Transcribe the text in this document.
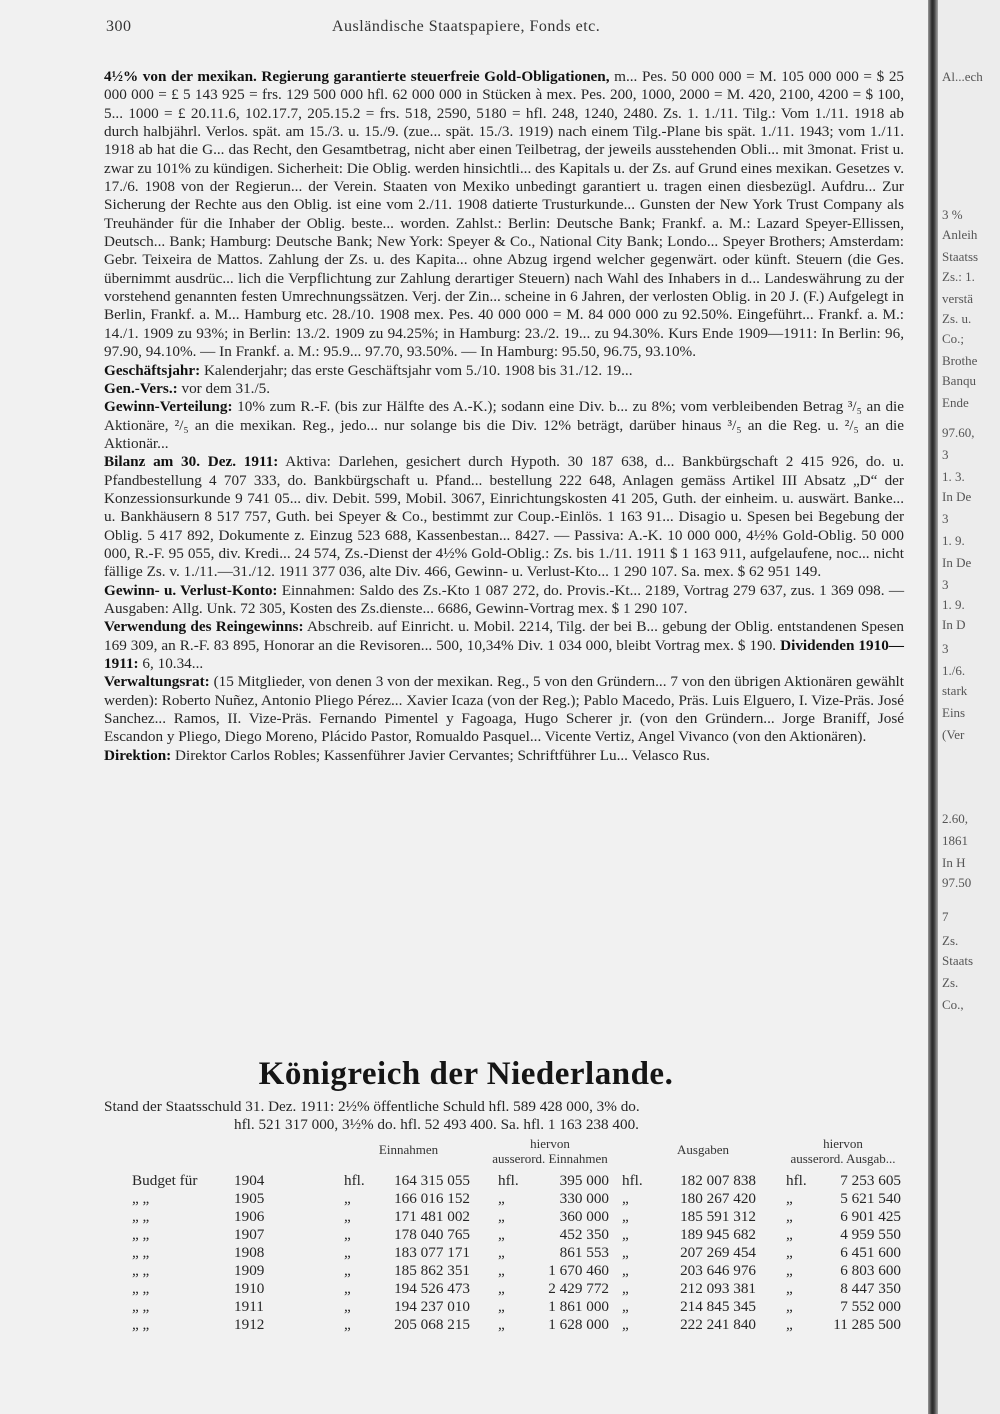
300	Ausländische Staatspapiere, Fonds etc.

4½% von der mexikan. Regierung garantierte steuerfreie Gold-Obligationen, m... Pes. 50 000 000 = M. 105 000 000 = $ 25 000 000 = £ 5 143 925 = frs. 129 500 000 hfl. 62 000 000 in Stücken à mex. Pes. 200, 1000, 2000 = M. 420, 2100, 4200 = $ 100, 5... 1000 = £ 20.11.6, 102.17.7, 205.15.2 = frs. 518, 2590, 5180 = hfl. 248, 1240, 2480. Zs. 1. 1./11. Tilg.: Vom 1./11. 1918 ab durch halbjährl. Verlos. spät. am 15./3. u. 15./9. (zue... spät. 15./3. 1919) nach einem Tilg.-Plane bis spät. 1./11. 1943; vom 1./11. 1918 ab hat die G... das Recht, den Gesamtbetrag, nicht aber einen Teilbetrag, der jeweils ausstehenden Obli... mit 3monat. Frist u. zwar zu 101% zu kündigen. Sicherheit: Die Oblig. werden hinsichtli... des Kapitals u. der Zs. auf Grund eines mexikan. Gesetzes v. 17./6. 1908 von der Regierun... der Verein. Staaten von Mexiko unbedingt garantiert u. tragen einen diesbezügl. Aufdru... Zur Sicherung der Rechte aus den Oblig. ist eine vom 2./11. 1908 datierte Trusturkunde... Gunsten der New York Trust Company als Treuhänder für die Inhaber der Oblig. beste... worden. Zahlst.: Berlin: Deutsche Bank; Frankf. a. M.: Lazard Speyer-Ellissen, Deutsch... Bank; Hamburg: Deutsche Bank; New York: Speyer & Co., National City Bank; Londo... Speyer Brothers; Amsterdam: Gebr. Teixeira de Mattos. Zahlung der Zs. u. des Kapita... ohne Abzug irgend welcher gegenwärt. oder künft. Steuern (die Ges. übernimmt ausdrüc... lich die Verpflichtung zur Zahlung derartiger Steuern) nach Wahl des Inhabers in d... Landeswährung zu der vorstehend genannten festen Umrechnungssätzen. Verj. der Zin... scheine in 6 Jahren, der verlosten Oblig. in 20 J. (F.) Aufgelegt in Berlin, Frankf. a. M... Hamburg etc. 28./10. 1908 mex. Pes. 40 000 000 = M. 84 000 000 zu 92.50%. Eingeführt... Frankf. a. M.: 14./1. 1909 zu 93%; in Berlin: 13./2. 1909 zu 94.25%; in Hamburg: 23./2. 19... zu 94.30%. Kurs Ende 1909—1911: In Berlin: 96, 97.90, 94.10%. — In Frankf. a. M.: 95.9... 97.70, 93.50%. — In Hamburg: 95.50, 96.75, 93.10%.

Geschäftsjahr: Kalenderjahr; das erste Geschäftsjahr vom 5./10. 1908 bis 31./12. 19...

Gen.-Vers.: vor dem 31./5.

Gewinn-Verteilung: 10% zum R.-F. (bis zur Hälfte des A.-K.); sodann eine Div. b... zu 8%; vom verbleibenden Betrag ³/₅ an die Aktionäre, ²/₅ an die mexikan. Reg., jedo... nur solange bis die Div. 12% beträgt, darüber hinaus ³/₅ an die Reg. u. ²/₅ an die Aktionär...

Bilanz am 30. Dez. 1911: Aktiva: Darlehen, gesichert durch Hypoth. 30 187 638, d... Bankbürgschaft 2 415 926, do. u. Pfandbestellung 4 707 333, do. Bankbürgschaft u. Pfand... bestellung 222 648, Anlagen gemäss Artikel III Absatz „D“ der Konzessionsurkunde 9 741 05... div. Debit. 599, Mobil. 3067, Einrichtungskosten 41 205, Guth. der einheim. u. auswärt. Banke... u. Bankhäusern 8 517 757, Guth. bei Speyer & Co., bestimmt zur Coup.-Einlös. 1 163 91... Disagio u. Spesen bei Begebung der Oblig. 5 417 892, Dokumente z. Einzug 523 688, Kassenbestan... 8427. — Passiva: A.-K. 10 000 000, 4½% Gold-Oblig. 50 000 000, R.-F. 95 055, div. Kredi... 24 574, Zs.-Dienst der 4½% Gold-Oblig.: Zs. bis 1./11. 1911 $ 1 163 911, aufgelaufene, noc... nicht fällige Zs. v. 1./11.—31./12. 1911 377 036, alte Div. 466, Gewinn- u. Verlust-Kto... 1 290 107. Sa. mex. $ 62 951 149.

Gewinn- u. Verlust-Konto: Einnahmen: Saldo des Zs.-Kto 1 087 272, do. Provis.-Kt... 2189, Vortrag 279 637, zus. 1 369 098. — Ausgaben: Allg. Unk. 72 305, Kosten des Zs.dienste... 6686, Gewinn-Vortrag mex. $ 1 290 107.

Verwendung des Reingewinns: Abschreib. auf Einricht. u. Mobil. 2214, Tilg. der bei B... gebung der Oblig. entstandenen Spesen 169 309, an R.-F. 83 895, Honorar an die Revisoren... 500, 10,34% Div. 1 034 000, bleibt Vortrag mex. $ 190. Dividenden 1910—1911: 6, 10.34...

Verwaltungsrat: (15 Mitglieder, von denen 3 von der mexikan. Reg., 5 von den Gründern... 7 von den übrigen Aktionären gewählt werden): Roberto Nuñez, Antonio Pliego Pérez... Xavier Icaza (von der Reg.); Pablo Macedo, Präs. Luis Elguero, I. Vize-Präs. José Sanchez... Ramos, II. Vize-Präs. Fernando Pimentel y Fagoaga, Hugo Scherer jr. (von den Gründern... Jorge Braniff, José Escandon y Pliego, Diego Moreno, Plácido Pastor, Romualdo Pasquel... Vicente Vertiz, Angel Vivanco (von den Aktionären).

Direktion: Direktor Carlos Robles; Kassenführer Javier Cervantes; Schriftführer Lu... Velasco Rus.

Königreich der Niederlande.
Stand der Staatsschuld 31. Dez. 1911: 2½% öffentliche Schuld hfl. 589 428 000, 3% do.
hfl. 521 317 000, 3½% do. hfl. 52 493 400. Sa. hfl. 1 163 238 400.
Einnahmen	hiervon
ausserord. Einnahmen
Ausgaben	hiervon
ausserord. Ausgab...
Budget für 1904	hfl.	164 315 055 hfl.	395 000 hfl.	182 007 838 hfl.	7 253 605
„ „	1905	„	166 016 152 „	330 000 „	180 267 420 „	5 621 540
„ „	1906	„	171 481 002 „	360 000 „	185 591 312 „	6 901 425
„ „	1907	„	178 040 765 „	452 350 „	189 945 682 „	4 959 550
„ „	1908	„	183 077 171 „	861 553 „	207 269 454 „	6 451 600
„ „	1909	„	185 862 351 „	1 670 460 „	203 646 976 „	6 803 600
„ „	1910	„	194 526 473 „	2 429 772 „	212 093 381 „	8 447 350
„ „	1911	„	194 237 010 „	1 861 000 „	214 845 345 „	7 552 000
„ „	1912	„	205 068 215 „	1 628 000 „	222 241 840 „	11 285 500
Al...ech
3 %
Anleih
Staatss
Zs.: 1.
verstä
Zs. u.
Co.;
Brothe
Banqu
Ende
97.60,
3
1. 3.
In De
3
1. 9.
In De
3
1. 9.
In D
3
1./6.
stark
Eins
(Ver
2.60,
1861
In H
97.50
7
Zs.
Staats
Zs.
Co.,
